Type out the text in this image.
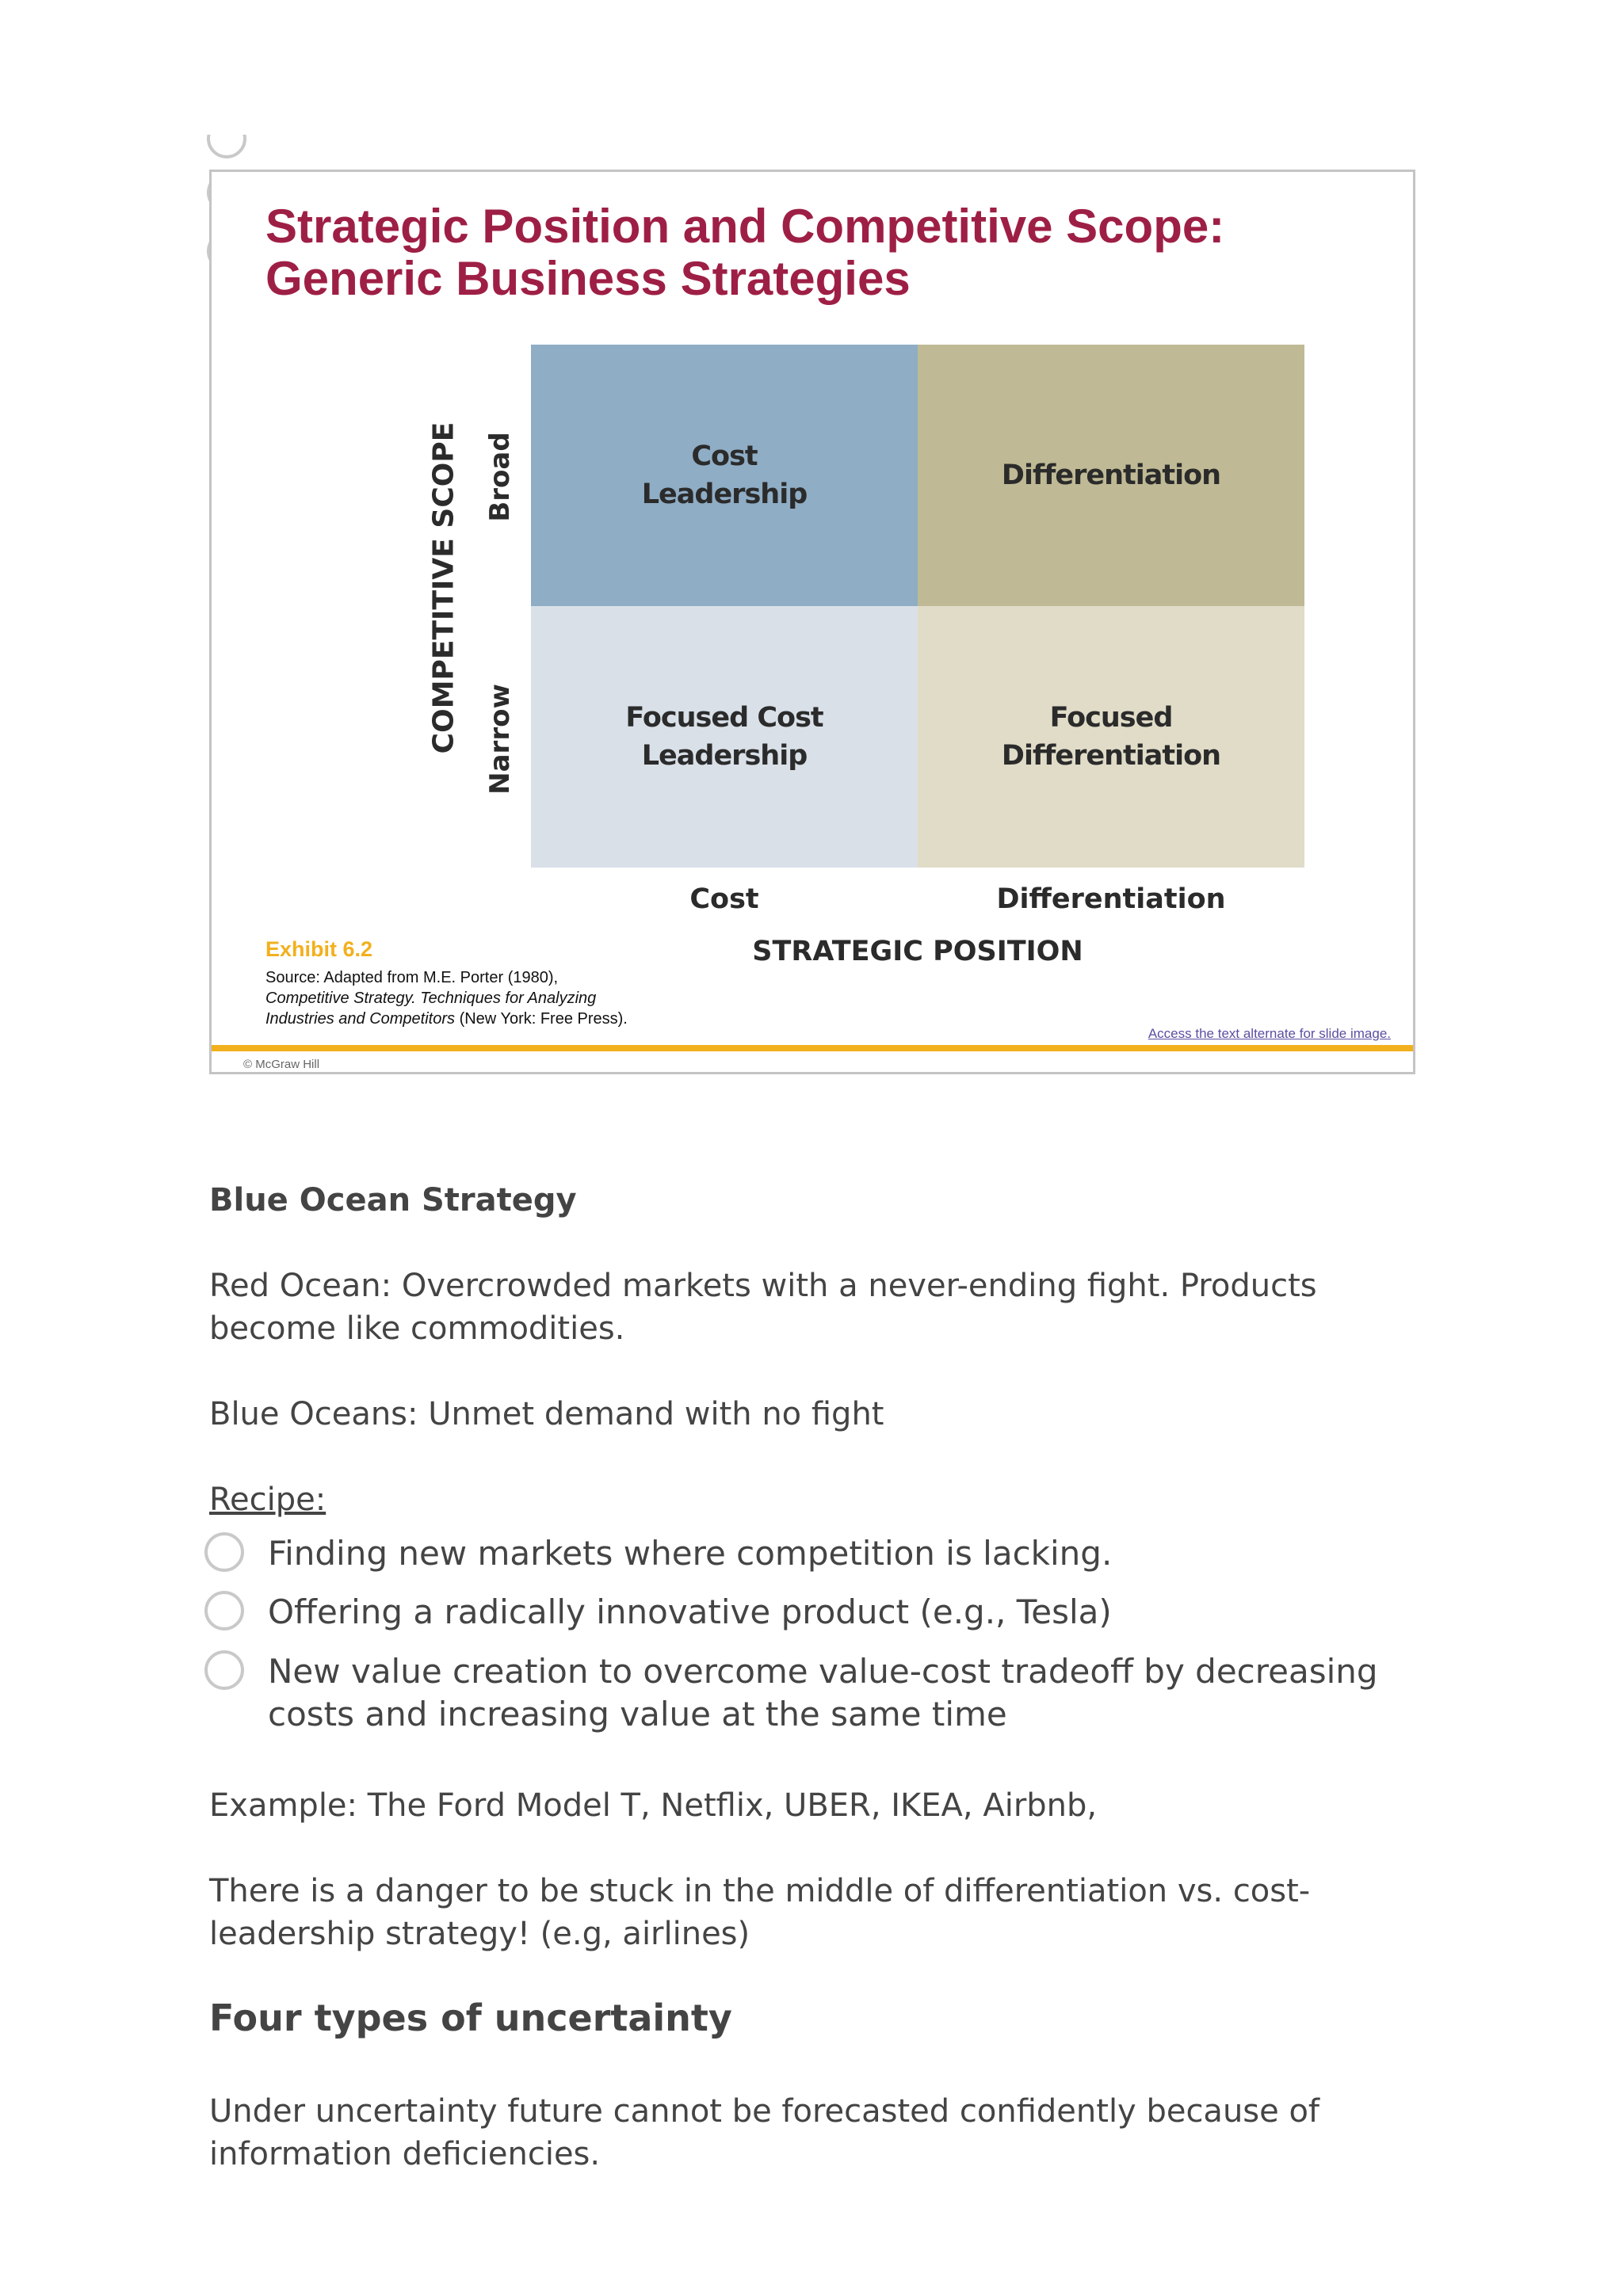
Strategic Position and Competitive Scope:
Generic Business Strategies
COMPETITIVE SCOPE Broad
Narrow
Cost
Leadership
Differentiation
Focused Cost
Leadership
Focused
Differentiation
Cost	Differentiation
STRATEGIC POSITION
Exhibit 6.2
Source: Adapted from M.E. Porter (1980),
Competitive Strategy. Techniques for Analyzing
Industries and Competitors (New York: Free Press).
Access the text alternate for slide image.
© McGraw Hill

Blue Ocean Strategy

Red Ocean: Overcrowded markets with a never-ending fight. Products become like commodities.

Blue Oceans: Unmet demand with no fight

Recipe:

Finding new markets where competition is lacking.
Offering a radically innovative product (e.g., Tesla)
New value creation to overcome value-cost tradeoff by decreasing costs and increasing value at the same time

Example: The Ford Model T, Netflix, UBER, IKEA, Airbnb,

There is a danger to be stuck in the middle of differentiation vs. cost-leadership strategy! (e.g, airlines)

Four types of uncertainty

Under uncertainty future cannot be forecasted confidently because of information deficiencies.
